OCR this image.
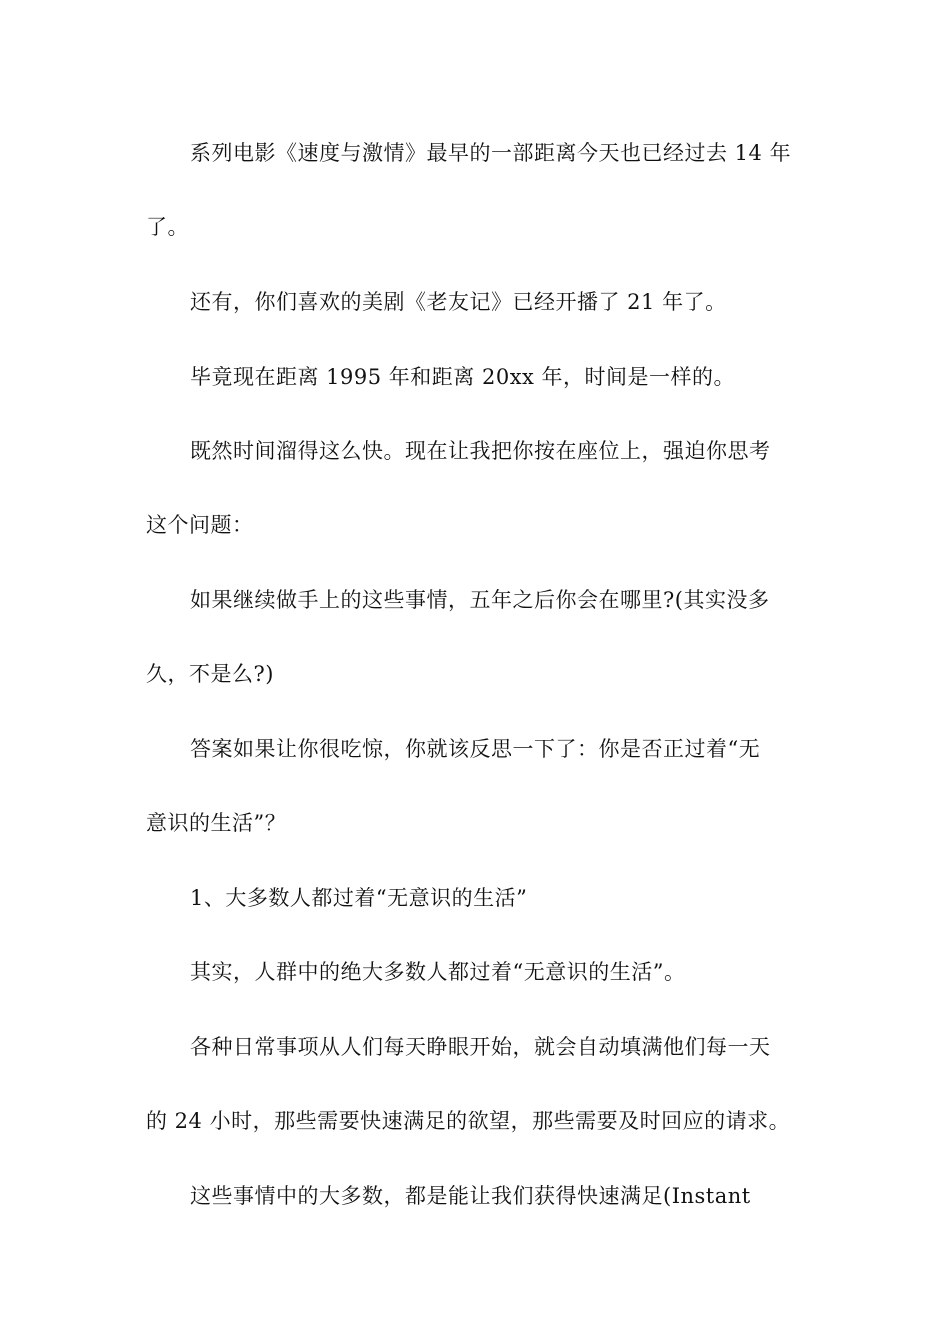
系列电影《速度与激情》最早的一部距离今天也已经过去 14 年

了。

还有，你们喜欢的美剧《老友记》已经开播了 21 年了。

毕竟现在距离 1995 年和距离 20xx 年，时间是一样的。

既然时间溜得这么快。现在让我把你按在座位上，强迫你思考

这个问题：

如果继续做手上的这些事情，五年之后你会在哪里?(其实没多

久，不是么?)

答案如果让你很吃惊，你就该反思一下了：你是否正过着“无

意识的生活”？

1、大多数人都过着“无意识的生活”

其实，人群中的绝大多数人都过着“无意识的生活”。

各种日常事项从人们每天睁眼开始，就会自动填满他们每一天

的 24 小时，那些需要快速满足的欲望，那些需要及时回应的请求。

这些事情中的大多数，都是能让我们获得快速满足(Instant
